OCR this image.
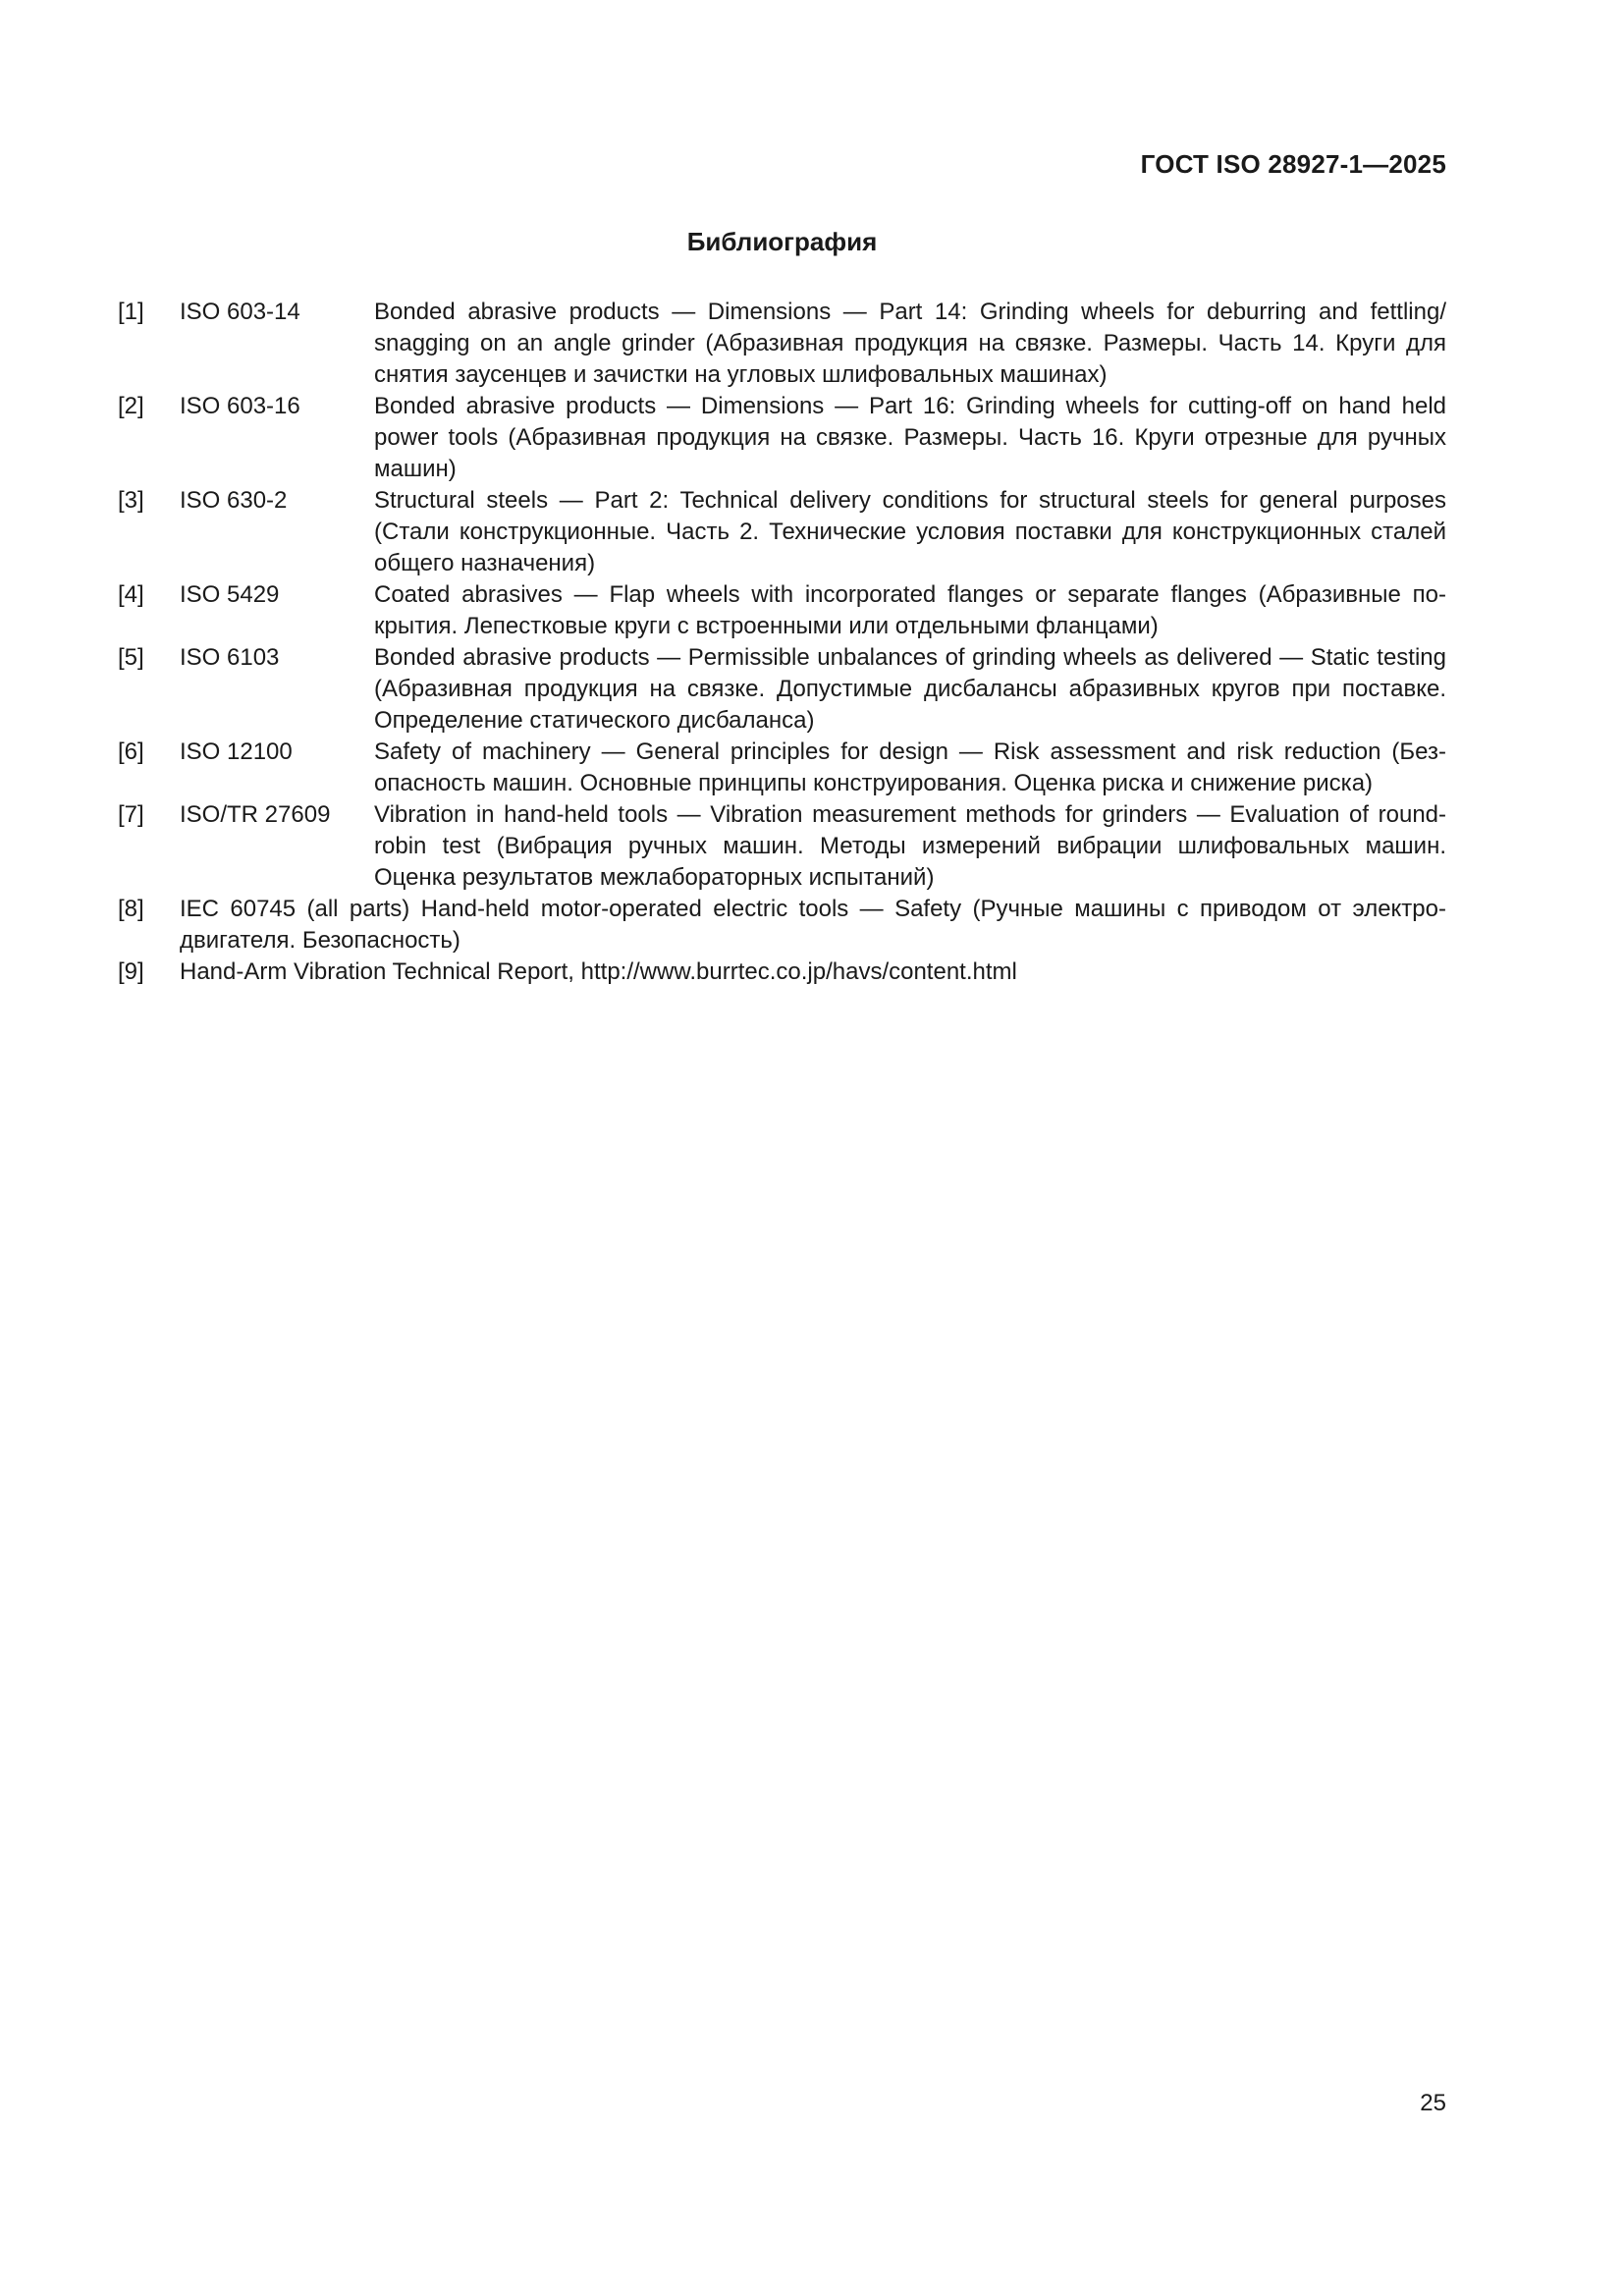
ГОСТ ISO 28927-1—2025
Библиография
[1]	ISO 603-14	Bonded abrasive products — Dimensions — Part 14: Grinding wheels for deburring and fettling/​snagging on an angle grinder (Абразивная продукция на связке. Размеры. Часть 14. Круги для снятия заусенцев и зачистки на угловых шлифовальных машинах)
[2]	ISO 603-16	Bonded abrasive products — Dimensions — Part 16: Grinding wheels for cutting-off on hand held power tools (Абразивная продукция на связке. Размеры. Часть 16. Круги отрезные для ручных машин)
[3]	ISO 630-2	Structural steels — Part 2: Technical delivery conditions for structural steels for general purposes (Стали конструкционные. Часть 2. Технические условия поставки для конструкционных сталей общего назначения)
[4]	ISO 5429	Coated abrasives — Flap wheels with incorporated flanges or separate flanges (Абразивные покрытия. Лепестковые круги с встроенными или отдельными фланцами)
[5]	ISO 6103	Bonded abrasive products — Permissible unbalances of grinding wheels as delivered — Static testing (Абразивная продукция на связке. Допустимые дисбалансы абразивных кругов при поставке. Определение статического дисбаланса)
[6]	ISO 12100	Safety of machinery — General principles for design — Risk assessment and risk reduction (Безопасность машин. Основные принципы конструирования. Оценка риска и снижение риска)
[7]	ISO/TR 27609	Vibration in hand-held tools — Vibration measurement methods for grinders — Evaluation of round-robin test (Вибрация ручных машин. Методы измерений вибрации шлифовальных машин. Оценка результатов межлабораторных испытаний)
[8]	IEC 60745 (all parts) Hand-held motor-operated electric tools — Safety (Ручные машины с приводом от электродвигателя. Безопасность)
[9]	Hand-Arm Vibration Technical Report, http://www.burrtec.co.jp/havs/content.html
25
